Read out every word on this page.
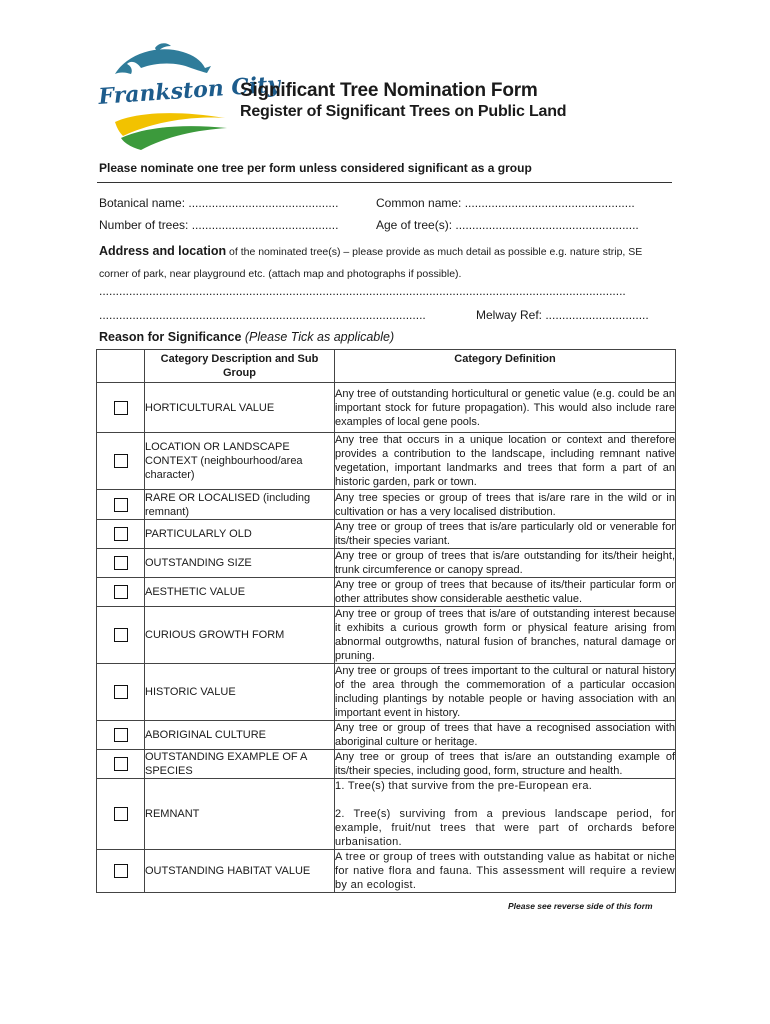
Frankston City
Significant Tree Nomination Form
Register of Significant Trees on Public Land
Please nominate one tree per form unless considered significant as a group
Botanical name: .............................................	Common name: ...................................................
Number of trees: ............................................	Age of tree(s): .......................................................
Address and location of the nominated tree(s) – please provide as much detail as possible e.g. nature strip, SE corner of park, near playground etc. (attach map and photographs if possible).
..............................................................................................................................................................
..................................................................................................	Melway Ref: ...............................
Reason for Significance (Please Tick as applicable)
	Category Description and Sub Group	Category Definition

	HORTICULTURAL VALUE	Any tree of outstanding horticultural or genetic value (e.g. could be an important stock for future propagation). This would also include rare examples of local gene pools.

	LOCATION OR LANDSCAPE CONTEXT (neighbourhood/area character)	Any tree that occurs in a unique location or context and therefore provides a contribution to the landscape, including remnant native vegetation, important landmarks and trees that form a part of an historic garden, park or town.

	RARE OR LOCALISED (including remnant)	Any tree species or group of trees that is/are rare in the wild or in cultivation or has a very localised distribution.

	PARTICULARLY OLD	Any tree or group of trees that is/are particularly old or venerable for its/their species variant.

	OUTSTANDING SIZE	Any tree or group of trees that is/are outstanding for its/their height, trunk circumference or canopy spread.

	AESTHETIC VALUE	Any tree or group of trees that because of its/their particular form or other attributes show considerable aesthetic value.

	CURIOUS GROWTH FORM	Any tree or group of trees that is/are of outstanding interest because it exhibits a curious growth form or physical feature arising from abnormal outgrowths, natural fusion of branches, natural damage or pruning.

	HISTORIC VALUE	Any tree or groups of trees important to the cultural or natural history of the area through the commemoration of a particular occasion including plantings by notable people or having association with an important event in history.

	ABORIGINAL CULTURE	Any tree or group of trees that have a recognised association with aboriginal culture or heritage.

	OUTSTANDING EXAMPLE OF A SPECIES	Any tree or group of trees that is/are an outstanding example of its/their species, including good, form, structure and health.

	REMNANT	1. Tree(s) that survive from the pre-European era.
2. Tree(s) surviving from a previous landscape period, for example, fruit/nut trees that were part of orchards before urbanisation.

	OUTSTANDING HABITAT VALUE	A tree or group of trees with outstanding value as habitat or niche for native flora and fauna. This assessment will require a review by an ecologist.
Please see reverse side of this form
